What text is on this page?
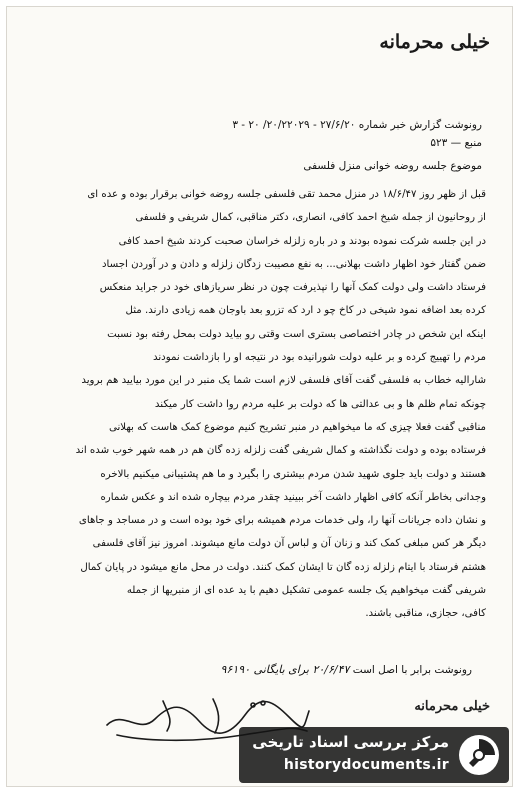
خیلی محرمانه
رونوشت گزارش خبر شماره ۲۷/۶/۲۰ - ۲۰/۲۲۰۲۹/ ۲۰ - ۳
منبع — ۵۲۳
موضوع جلسه روضه خوانی منزل فلسفی
قبل از ظهر روز ۱۸/۶/۴۷ در منزل محمد تقی فلسفی جلسه روضه خوانی برقرار بوده و عده ای
از روحانیون از جمله شیخ احمد کافی، انصاری، دکتر مناقبی، کمال شریفی و فلسفی
در این جلسه شرکت نموده بودند و در باره زلزله خراسان صحبت کردند شیخ احمد کافی
ضمن گفتار خود اظهار داشت بهلانی... به نفع مصیبت زدگان زلزله و دادن و در آوردن اجساد
فرستاد داشت ولی دولت کمک آنها را نپذیرفت چون در نظر سریازهای خود در جراید منعکس
کرده بعد اضافه نمود شیخی در کاخ چو د ارد که تزرو بعد باوجان همه زیادی دارند. مثل
اینکه این شخص در چادر اختصاصی بستری است وقتی رو بیاید دولت بمحل رفته بود نسبت
مردم را تهییج کرده و بر علیه دولت شورانیده بود در نتیجه او را بازداشت نمودند
شارالیه خطاب به فلسفی گفت آقای فلسفی لازم است شما یک منبر در این مورد بیایید هم بروید
چونکه تمام ظلم ها و بی عدالتی ها که دولت بر علیه مردم روا داشت کار میکند
مناقبی گفت فعلا چیزی که ما میخواهیم در منبر تشریح کنیم موضوع کمک هاست که بهلانی
فرستاده بوده و دولت نگذاشته و کمال شریفی گفت زلزله زده گان هم در همه شهر خوب شده اند
هستند و دولت باید جلوی شهید شدن مردم بیشتری را بگیرد و ما هم پشتیبانی میکنیم بالاخره
وجدانی بخاطر آنکه کافی اظهار داشت آخر ببینید چقدر مردم بیچاره شده اند و عکس شماره
و نشان داده جریانات آنها را، ولی خدمات مردم همیشه برای خود بوده است و در مساجد و جاهای
دیگر هر کس مبلغی کمک کند و زنان آن و لباس آن دولت مانع میشوند. امروز نیز آقای فلسفی
هشتم فرستاد با ایتام زلزله زده گان تا ایشان کمک کنند. دولت در محل مانع میشود در پایان کمال
شریفی گفت میخواهیم یک جلسه عمومی تشکیل دهیم با ید عده ای از منبریها از جمله
کافی، حجازی، مناقبی باشند.
رونوشت برابر با اصل است ۲۰/۶/۴۷ برای بایگانی ۹۶۱۹۰
خیلی محرمانه
مرکز بررسی اسناد تاریخی
historydocuments.ir
